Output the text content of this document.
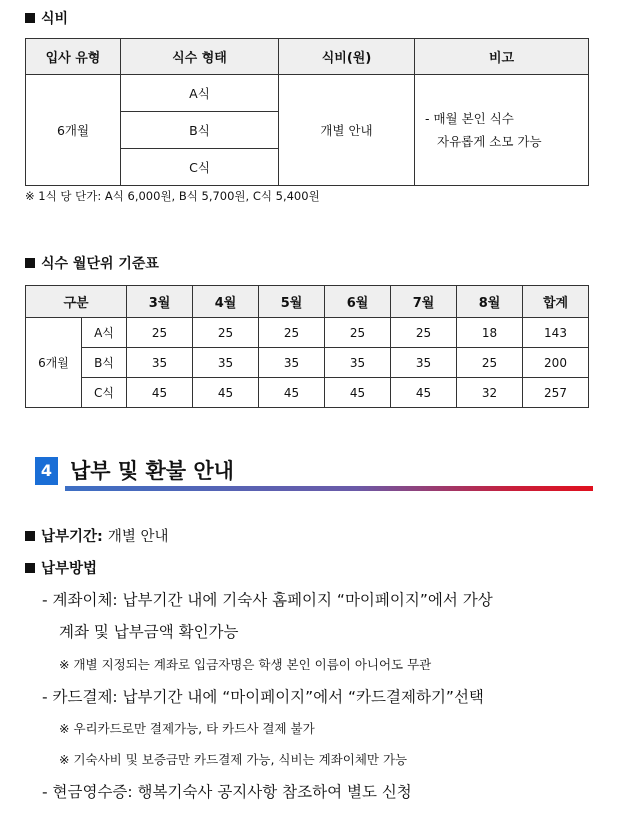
식비
입사 유형	식수 형태	식비(원)	비고
6개월	A식	개별 안내	- 매월 본인 식수
자유롭게 소모 가능

	B식		
	C식		
※ 1식 당 단가: A식 6,000원, B식 5,700원, C식 5,400원
식수 월단위 기준표
구분		3월	4월	5월	6월	7월	8월	합계
6개월	A식	25	25	25	25	25	18	143
	B식	35	35	35	35	35	25	200
	C식	45	45	45	45	45	32	257
4 납부 및 환불 안내
납부기간: 개별 안내
납부방법
- 계좌이체: 납부기간 내에 기숙사 홈페이지 “마이페이지”에서 가상
계좌 및 납부금액 확인가능
※ 개별 지정되는 계좌로 입금자명은 학생 본인 이름이 아니어도 무관
- 카드결제: 납부기간 내에 “마이페이지”에서 “카드결제하기”선택
※ 우리카드로만 결제가능, 타 카드사 결제 불가
※ 기숙사비 및 보증금만 카드결제 가능, 식비는 계좌이체만 가능
- 현금영수증: 행복기숙사 공지사항 참조하여 별도 신청
